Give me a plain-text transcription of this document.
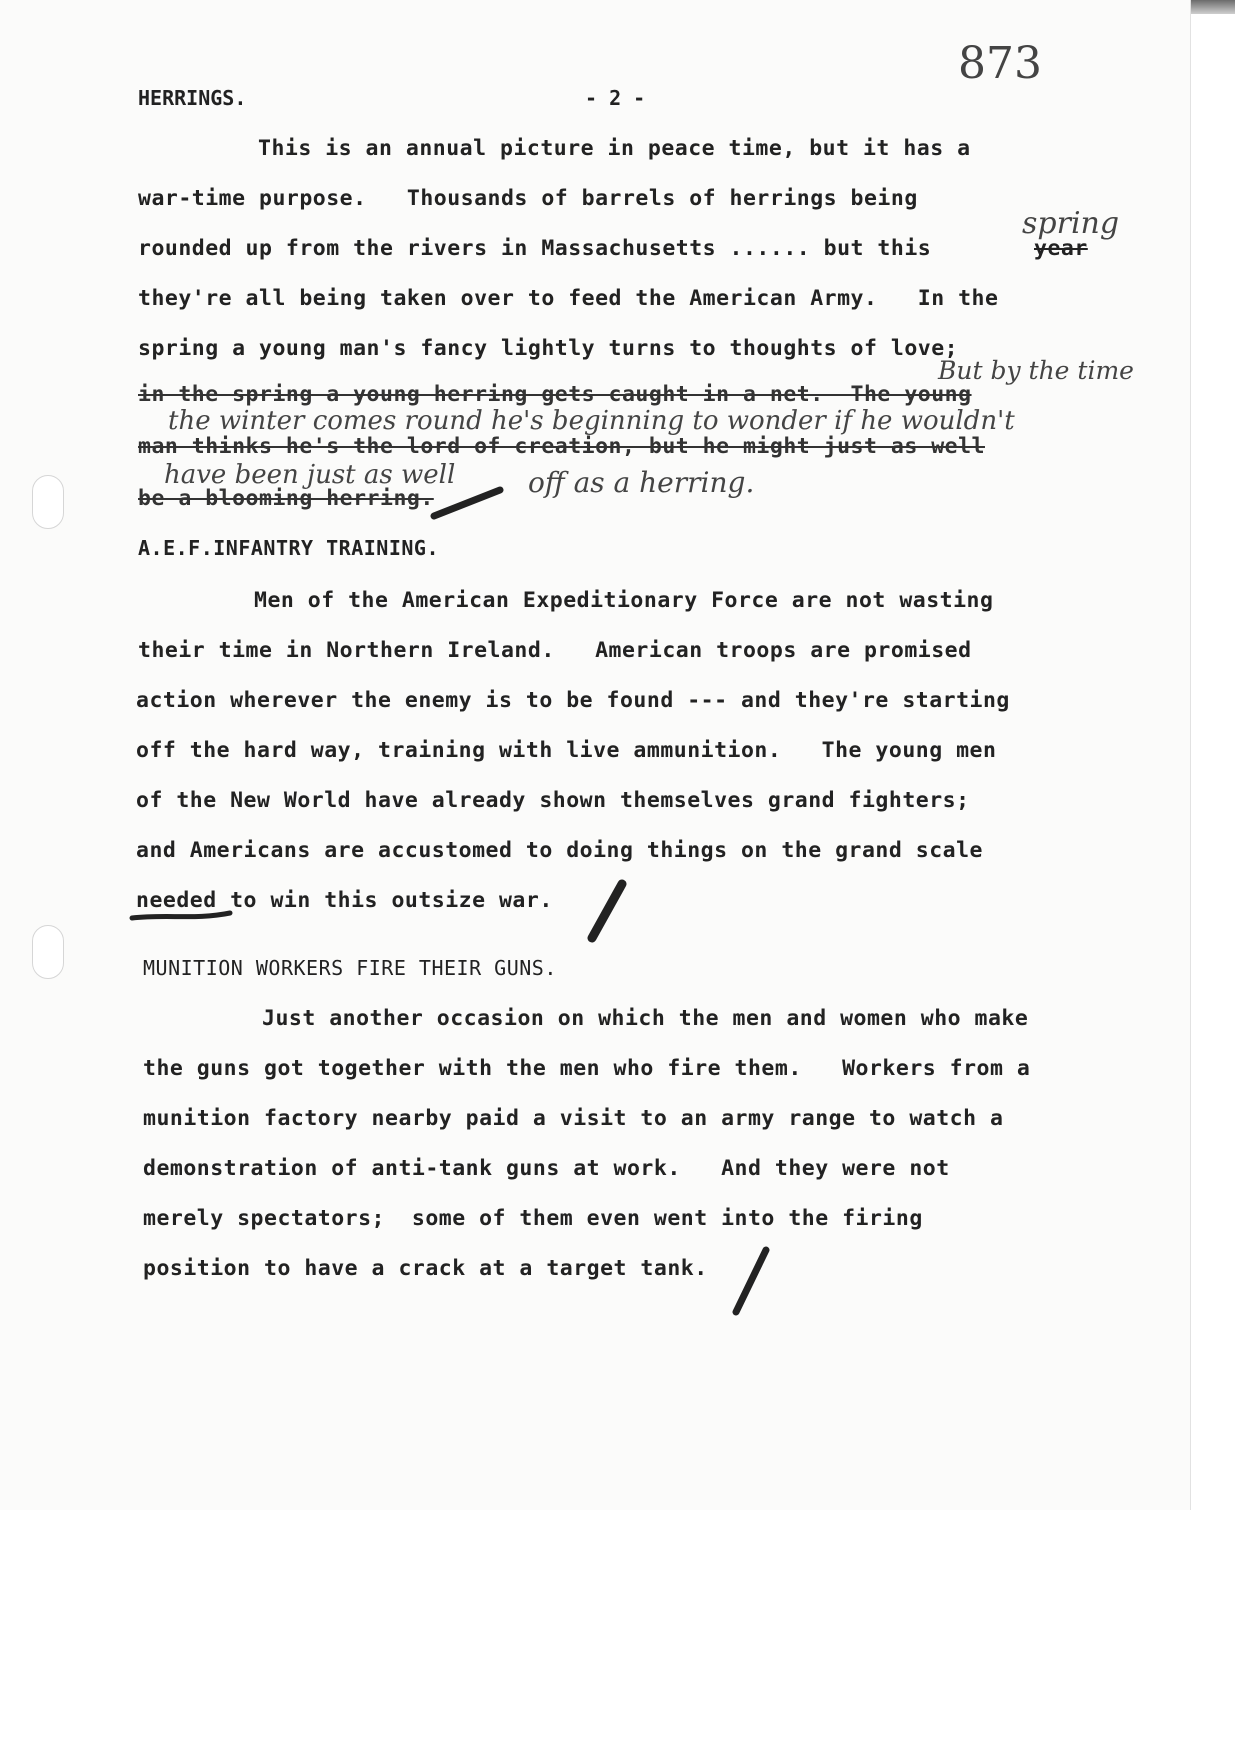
873
HERRINGS.	- 2 -
This is an annual picture in peace time, but it has a
war-time purpose.   Thousands of barrels of herrings being
rounded up from the rivers in Massachusetts ...... but this	year
spring
they're all being taken over to feed the American Army.   In the
spring a young man's fancy lightly turns to thoughts of love;
But by the time
in the spring a young herring gets caught in a net.  The young
the winter comes round he's beginning to wonder if he wouldn't
man thinks he's the lord of creation, but he might just as well
have been just as well
be a blooming herring.	off as a herring.
A.E.F.INFANTRY TRAINING.
Men of the American Expeditionary Force are not wasting
their time in Northern Ireland.   American troops are promised
action wherever the enemy is to be found --- and they're starting
off the hard way, training with live ammunition.   The young men
of the New World have already shown themselves grand fighters;
and Americans are accustomed to doing things on the grand scale
needed to win this outsize war.
MUNITION WORKERS FIRE THEIR GUNS.
Just another occasion on which the men and women who make
the guns got together with the men who fire them.   Workers from a
munition factory nearby paid a visit to an army range to watch a
demonstration of anti-tank guns at work.   And they were not
merely spectators;  some of them even went into the firing
position to have a crack at a target tank.
